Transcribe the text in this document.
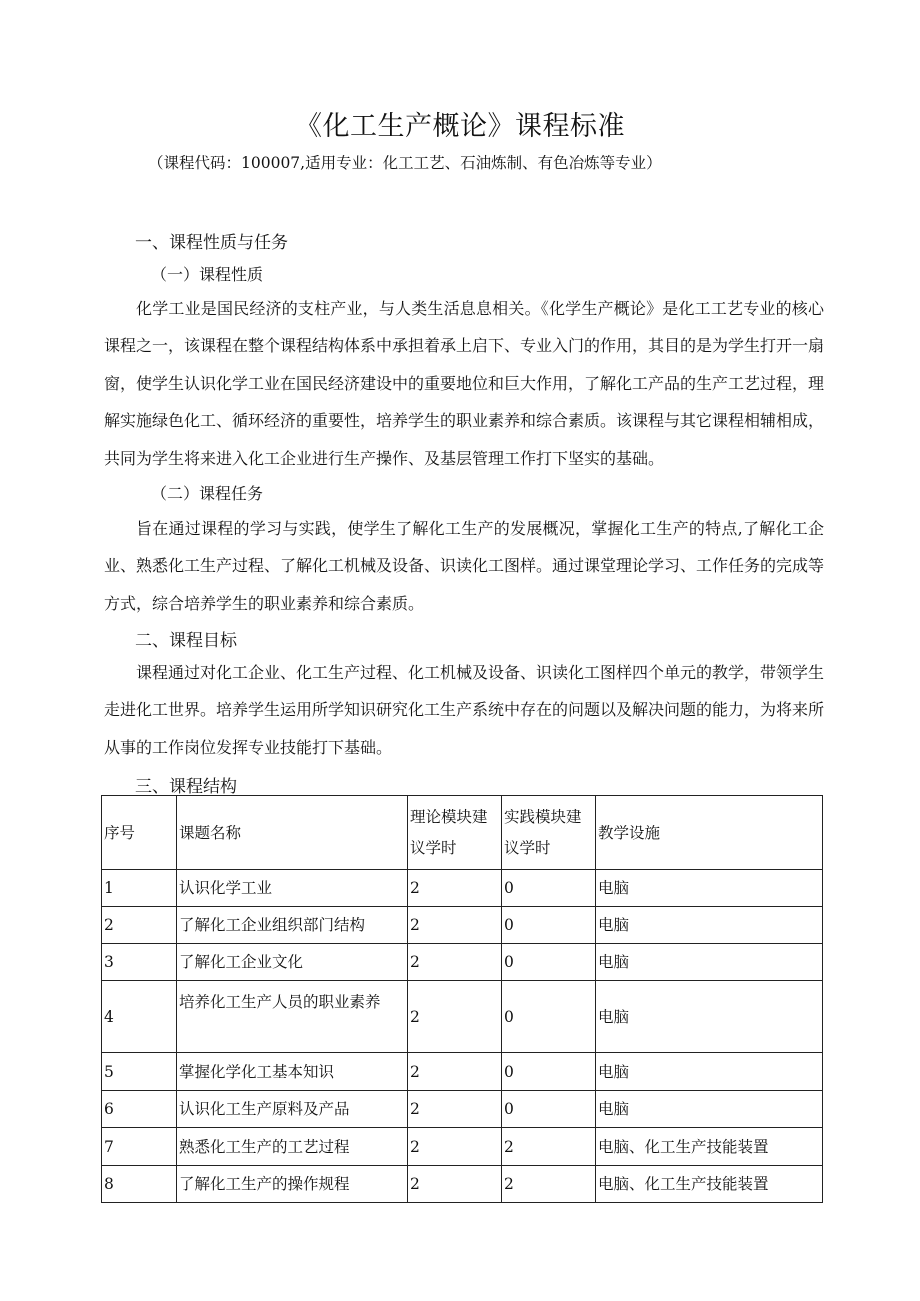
《化工生产概论》课程标准
（课程代码：100007,适用专业：化工工艺、石油炼制、有色冶炼等专业）
一、课程性质与任务
（一）课程性质

化学工业是国民经济的支柱产业，与人类生活息息相关。《化学生产概论》是化工工艺专业的核心课程之一，该课程在整个课程结构体系中承担着承上启下、专业入门的作用，其目的是为学生打开一扇窗，使学生认识化学工业在国民经济建设中的重要地位和巨大作用，了解化工产品的生产工艺过程，理解实施绿色化工、循环经济的重要性，培养学生的职业素养和综合素质。该课程与其它课程相辅相成，共同为学生将来进入化工企业进行生产操作、及基层管理工作打下坚实的基础。

（二）课程任务

旨在通过课程的学习与实践，使学生了解化工生产的发展概况，掌握化工生产的特点,了解化工企业、熟悉化工生产过程、了解化工机械及设备、识读化工图样。通过课堂理论学习、工作任务的完成等方式，综合培养学生的职业素养和综合素质。

二、课程目标

课程通过对化工企业、化工生产过程、化工机械及设备、识读化工图样四个单元的教学，带领学生走进化工世界。培养学生运用所学知识研究化工生产系统中存在的问题以及解决问题的能力，为将来所从事的工作岗位发挥专业技能打下基础。

三、课程结构
序号	课题名称	理论模块建议学时	实践模块建议学时	教学设施
1	认识化学工业	2	0	电脑
2	了解化工企业组织部门结构	2	0	电脑
3	了解化工企业文化	2	0	电脑
4	培养化工生产人员的职业素养	2	0	电脑
5	掌握化学化工基本知识	2	0	电脑
6	认识化工生产原料及产品	2	0	电脑
7	熟悉化工生产的工艺过程	2	2	电脑、化工生产技能装置
8	了解化工生产的操作规程	2	2	电脑、化工生产技能装置
